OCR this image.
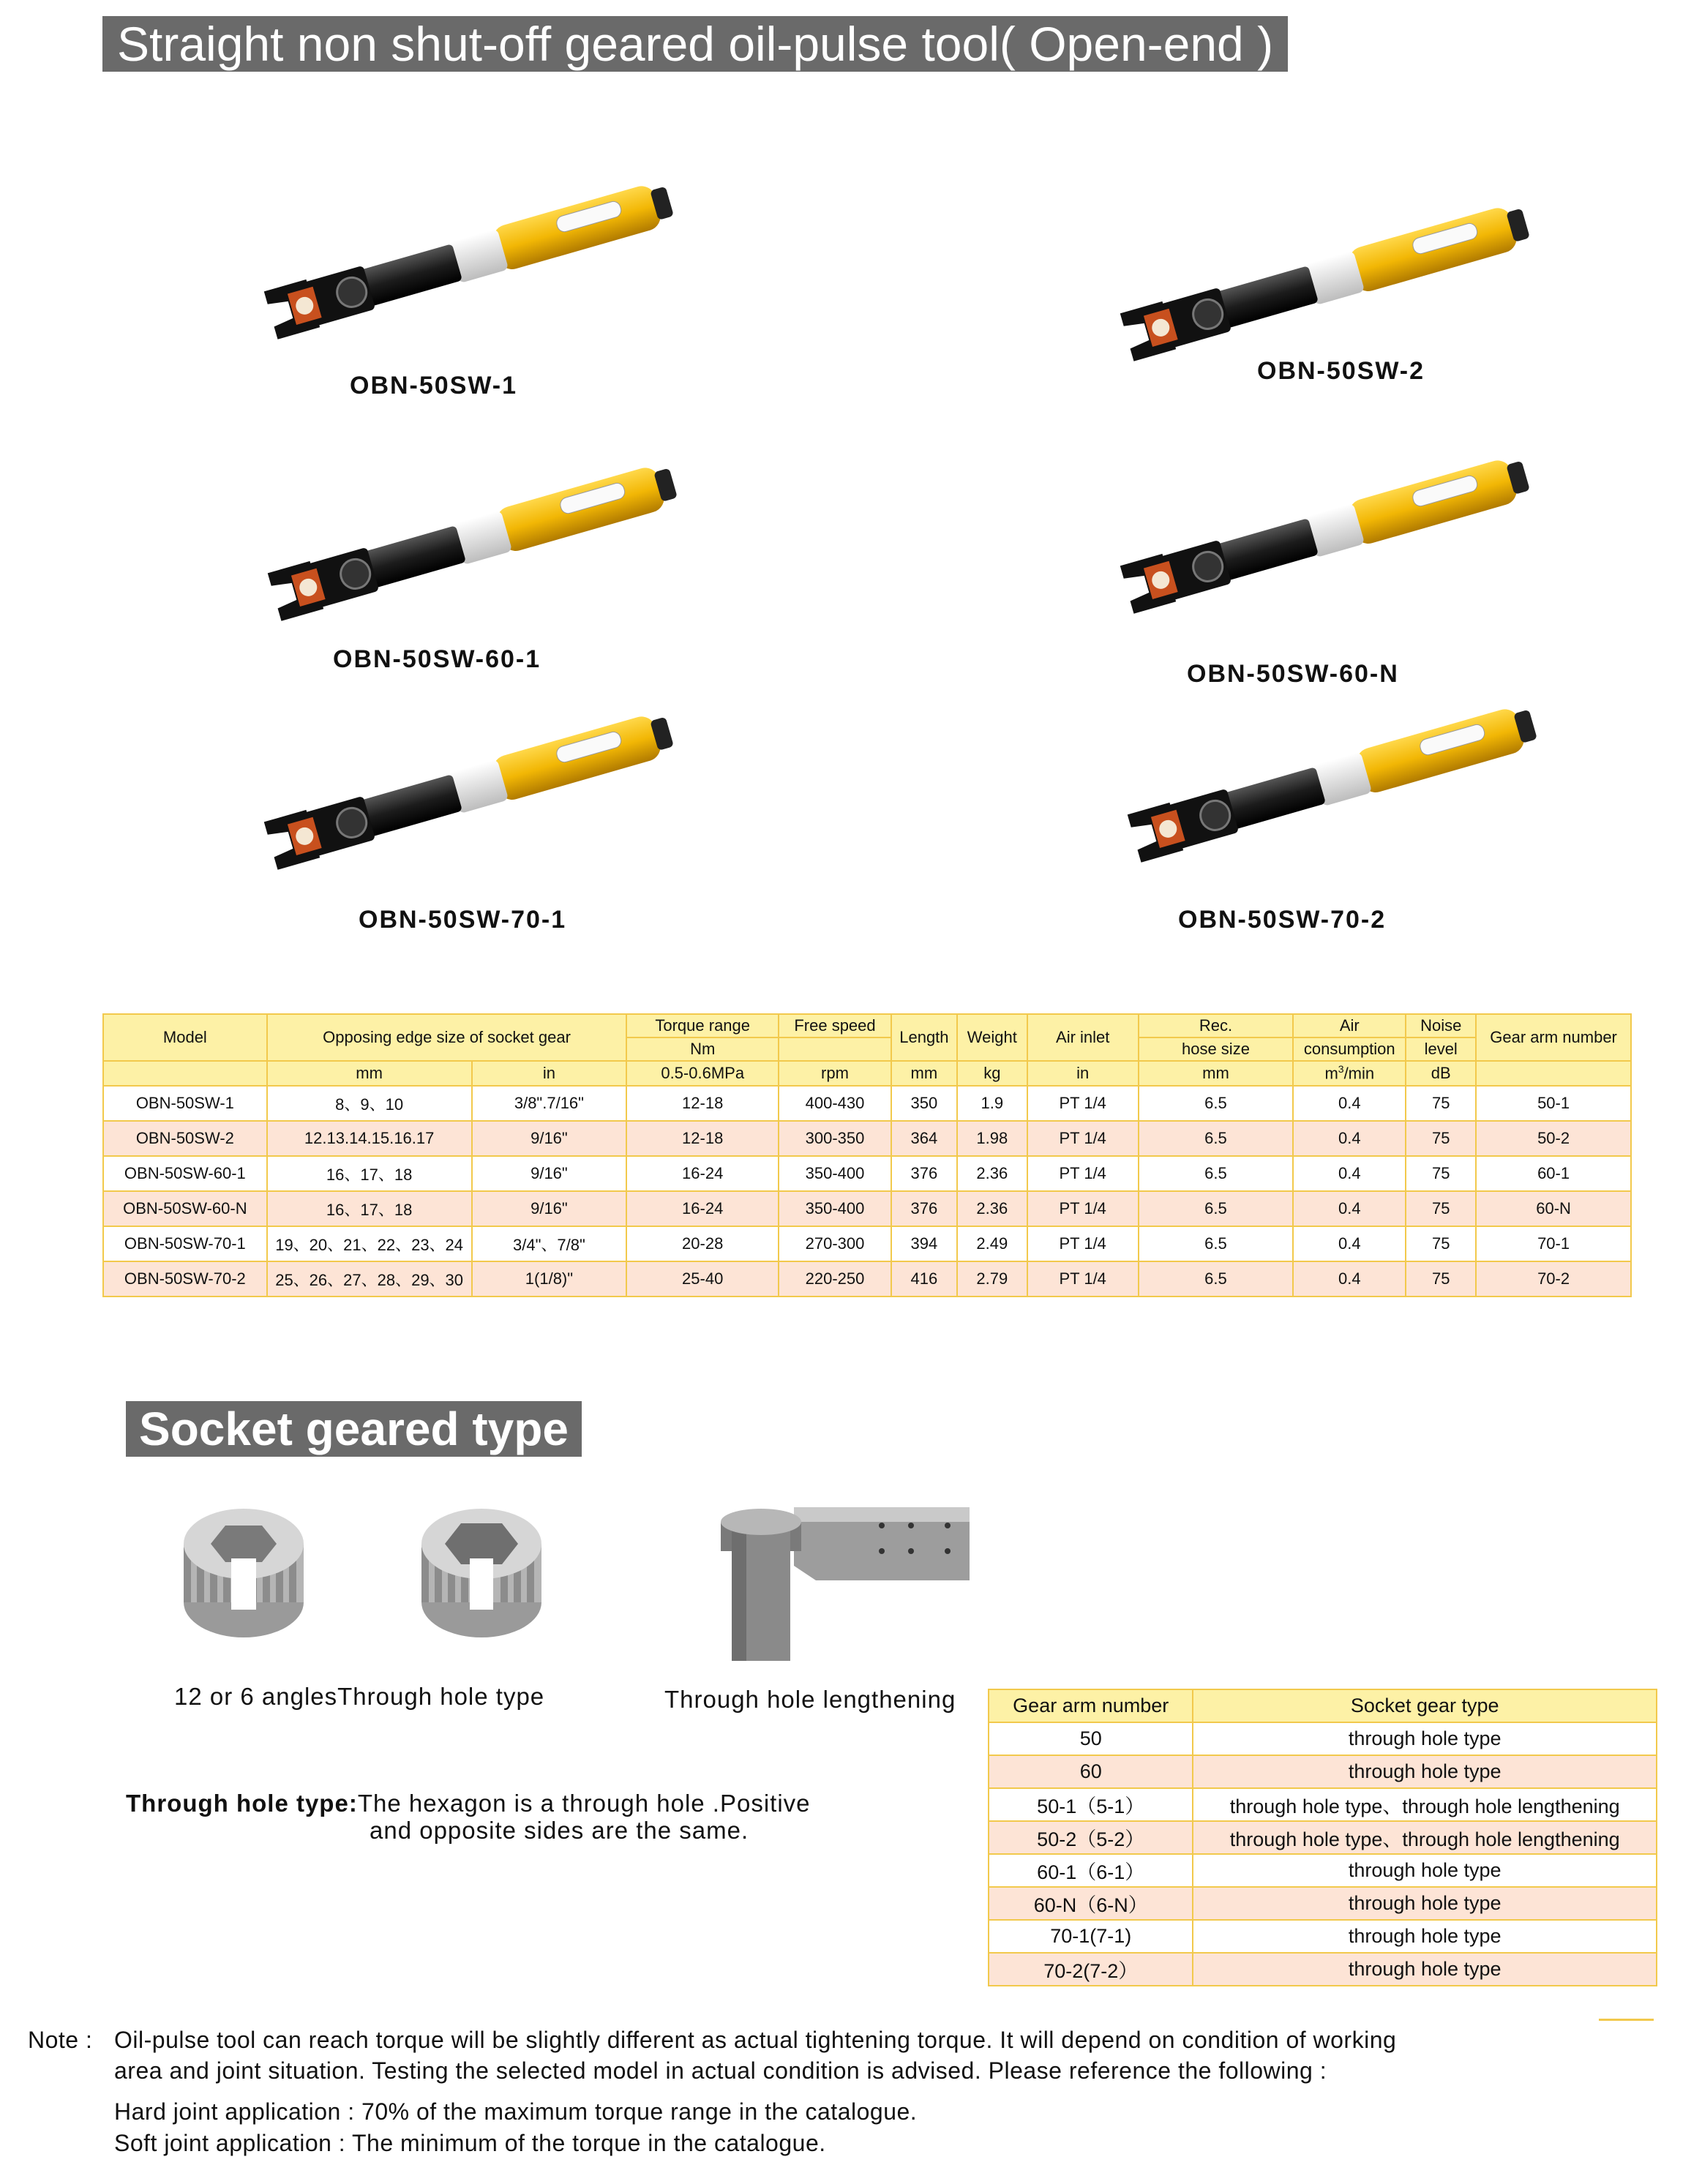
Straight non shut-off geared oil-pulse tool( Open-end )
OBN-50SW-1
OBN-50SW-2
OBN-50SW-60-1
OBN-50SW-60-N
OBN-50SW-70-1	OBN-50SW-70-2
Model	Opposing edge size of socket gear		Torque range	Free speed	Length	Weight	Air inlet	Rec.	Air	Noise	Gear arm number
			Nm					hose size	consumption	level	
	mm	in	0.5-0.6MPa	rpm	mm	kg	in	mm	$m^3/\min$	dB	
OBN-50SW-1	8、9、10	3/8".7/16"	12-18	400-430	350	1.9	PT 1/4	6.5	0.4	75	50-1
OBN-50SW-2	12.13.14.15.16.17	9/16"	12-18	300-350	364	1.98	PT 1/4	6.5	0.4	75	50-2
OBN-50SW-60-1	16、17、18	9/16"	16-24	350-400	376	2.36	PT 1/4	6.5	0.4	75	60-1
OBN-50SW-60-N	16、17、18	9/16"	16-24	350-400	376	2.36	PT 1/4	6.5	0.4	75	60-N
OBN-50SW-70-1	19、20、21、22、23、24	3/4"、7/8"	20-28	270-300	394	2.49	PT 1/4	6.5	0.4	75	70-1
OBN-50SW-70-2	25、26、27、28、29、30	1(1/8)"	25-40	220-250	416	2.79	PT 1/4	6.5	0.4	75	70-2
Socket geared type
12 or 6 anglesThrough hole type	Through hole lengthening
Through hole type:The hexagon is a through hole .Positive
and opposite sides are the same.
Gear arm number	Socket gear type
50	through hole type
60	through hole type
50-1（5-1）	through hole type、through hole lengthening
50-2（5-2）	through hole type、through hole lengthening
60-1（6-1）	through hole type
60-N（6-N）	through hole type
70-1(7-1)	through hole type
70-2(7-2）	through hole type
Note : Oil-pulse tool can reach torque will be slightly different as actual tightening torque. It will depend on condition of working
area and joint situation. Testing the selected model in actual condition is advised. Please reference the following :
Hard joint application : 70% of the maximum torque range in the catalogue.
Soft joint application : The minimum of the torque in the catalogue.
